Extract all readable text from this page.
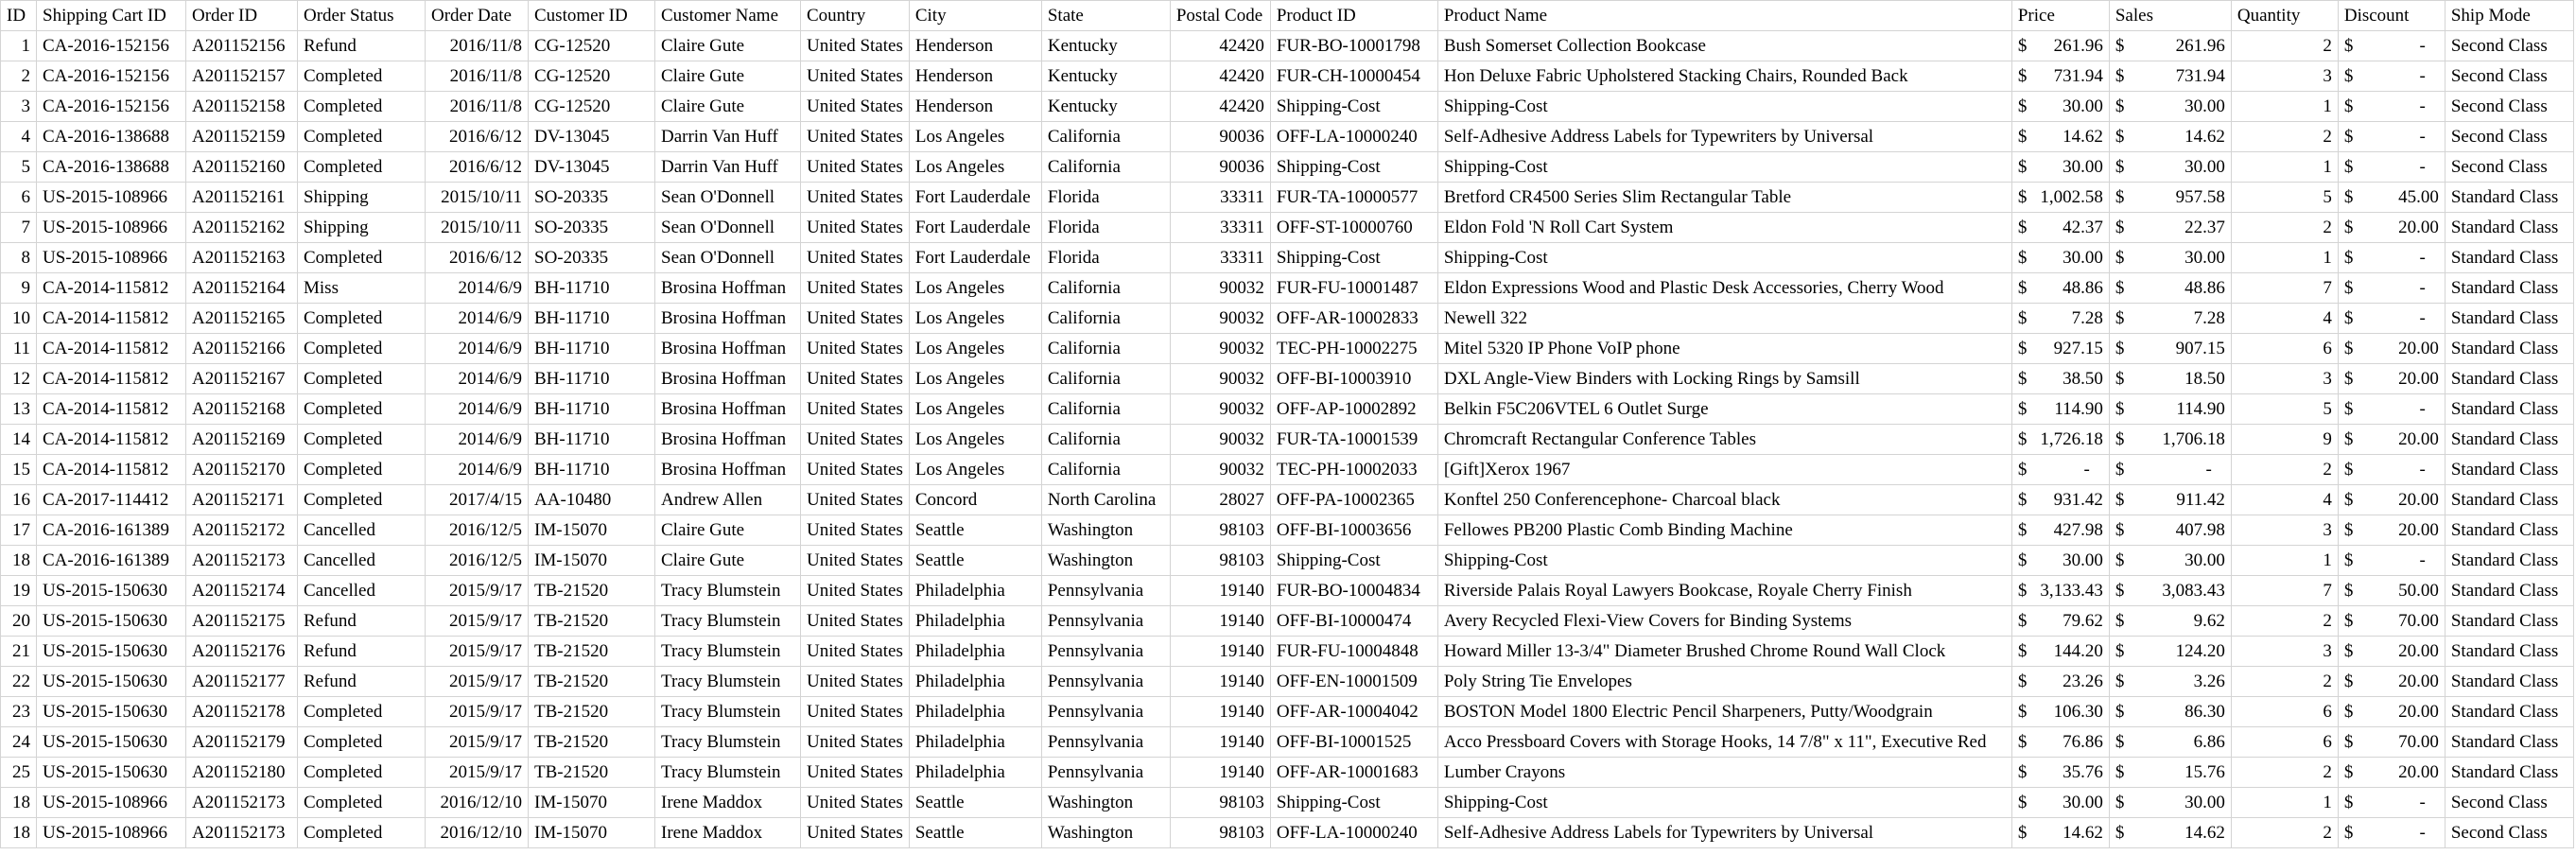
ID	Shipping Cart ID	Order ID	Order Status	Order Date	Customer ID	Customer Name	Country	City	State	Postal Code	Product ID	Product Name	Price	Sales	Quantity	Discount	Ship Mode
1	CA-2016-152156	A201152156	Refund	2016/11/8	CG-12520	Claire Gute	United States	Henderson	Kentucky	42420	FUR-BO-10001798	Bush Somerset Collection Bookcase	$ 261.96	$ 261.96	2	$ -	Second Class
2	CA-2016-152156	A201152157	Completed	2016/11/8	CG-12520	Claire Gute	United States	Henderson	Kentucky	42420	FUR-CH-10000454	Hon Deluxe Fabric Upholstered Stacking Chairs, Rounded Back	$ 731.94	$ 731.94	3	$ -	Second Class
3	CA-2016-152156	A201152158	Completed	2016/11/8	CG-12520	Claire Gute	United States	Henderson	Kentucky	42420	Shipping-Cost	Shipping-Cost	$ 30.00	$ 30.00	1	$ -	Second Class
4	CA-2016-138688	A201152159	Completed	2016/6/12	DV-13045	Darrin Van Huff	United States	Los Angeles	California	90036	OFF-LA-10000240	Self-Adhesive Address Labels for Typewriters by Universal	$ 14.62	$ 14.62	2	$ -	Second Class
5	CA-2016-138688	A201152160	Completed	2016/6/12	DV-13045	Darrin Van Huff	United States	Los Angeles	California	90036	Shipping-Cost	Shipping-Cost	$ 30.00	$ 30.00	1	$ -	Second Class
6	US-2015-108966	A201152161	Shipping	2015/10/11	SO-20335	Sean O'Donnell	United States	Fort Lauderdale	Florida	33311	FUR-TA-10000577	Bretford CR4500 Series Slim Rectangular Table	$ 1,002.58	$ 957.58	5	$ 45.00	Standard Class
7	US-2015-108966	A201152162	Shipping	2015/10/11	SO-20335	Sean O'Donnell	United States	Fort Lauderdale	Florida	33311	OFF-ST-10000760	Eldon Fold 'N Roll Cart System	$ 42.37	$ 22.37	2	$ 20.00	Standard Class
8	US-2015-108966	A201152163	Completed	2016/6/12	SO-20335	Sean O'Donnell	United States	Fort Lauderdale	Florida	33311	Shipping-Cost	Shipping-Cost	$ 30.00	$ 30.00	1	$ -	Standard Class
9	CA-2014-115812	A201152164	Miss	2014/6/9	BH-11710	Brosina Hoffman	United States	Los Angeles	California	90032	FUR-FU-10001487	Eldon Expressions Wood and Plastic Desk Accessories, Cherry Wood	$ 48.86	$ 48.86	7	$ -	Standard Class
10	CA-2014-115812	A201152165	Completed	2014/6/9	BH-11710	Brosina Hoffman	United States	Los Angeles	California	90032	OFF-AR-10002833	Newell 322	$ 7.28	$ 7.28	4	$ -	Standard Class
11	CA-2014-115812	A201152166	Completed	2014/6/9	BH-11710	Brosina Hoffman	United States	Los Angeles	California	90032	TEC-PH-10002275	Mitel 5320 IP Phone VoIP phone	$ 927.15	$ 907.15	6	$ 20.00	Standard Class
12	CA-2014-115812	A201152167	Completed	2014/6/9	BH-11710	Brosina Hoffman	United States	Los Angeles	California	90032	OFF-BI-10003910	DXL Angle-View Binders with Locking Rings by Samsill	$ 38.50	$ 18.50	3	$ 20.00	Standard Class
13	CA-2014-115812	A201152168	Completed	2014/6/9	BH-11710	Brosina Hoffman	United States	Los Angeles	California	90032	OFF-AP-10002892	Belkin F5C206VTEL 6 Outlet Surge	$ 114.90	$ 114.90	5	$ -	Standard Class
14	CA-2014-115812	A201152169	Completed	2014/6/9	BH-11710	Brosina Hoffman	United States	Los Angeles	California	90032	FUR-TA-10001539	Chromcraft Rectangular Conference Tables	$ 1,726.18	$ 1,706.18	9	$ 20.00	Standard Class
15	CA-2014-115812	A201152170	Completed	2014/6/9	BH-11710	Brosina Hoffman	United States	Los Angeles	California	90032	TEC-PH-10002033	[Gift]Xerox 1967	$ -	$ -	2	$ -	Standard Class
16	CA-2017-114412	A201152171	Completed	2017/4/15	AA-10480	Andrew Allen	United States	Concord	North Carolina	28027	OFF-PA-10002365	Konftel 250 Conferencephone- Charcoal black	$ 931.42	$ 911.42	4	$ 20.00	Standard Class
17	CA-2016-161389	A201152172	Cancelled	2016/12/5	IM-15070	Claire Gute	United States	Seattle	Washington	98103	OFF-BI-10003656	Fellowes PB200 Plastic Comb Binding Machine	$ 427.98	$ 407.98	3	$ 20.00	Standard Class
18	CA-2016-161389	A201152173	Cancelled	2016/12/5	IM-15070	Claire Gute	United States	Seattle	Washington	98103	Shipping-Cost	Shipping-Cost	$ 30.00	$ 30.00	1	$ -	Standard Class
19	US-2015-150630	A201152174	Cancelled	2015/9/17	TB-21520	Tracy Blumstein	United States	Philadelphia	Pennsylvania	19140	FUR-BO-10004834	Riverside Palais Royal Lawyers Bookcase, Royale Cherry Finish	$ 3,133.43	$ 3,083.43	7	$ 50.00	Standard Class
20	US-2015-150630	A201152175	Refund	2015/9/17	TB-21520	Tracy Blumstein	United States	Philadelphia	Pennsylvania	19140	OFF-BI-10000474	Avery Recycled Flexi-View Covers for Binding Systems	$ 79.62	$ 9.62	2	$ 70.00	Standard Class
21	US-2015-150630	A201152176	Refund	2015/9/17	TB-21520	Tracy Blumstein	United States	Philadelphia	Pennsylvania	19140	FUR-FU-10004848	Howard Miller 13-3/4" Diameter Brushed Chrome Round Wall Clock	$ 144.20	$ 124.20	3	$ 20.00	Standard Class
22	US-2015-150630	A201152177	Refund	2015/9/17	TB-21520	Tracy Blumstein	United States	Philadelphia	Pennsylvania	19140	OFF-EN-10001509	Poly String Tie Envelopes	$ 23.26	$ 3.26	2	$ 20.00	Standard Class
23	US-2015-150630	A201152178	Completed	2015/9/17	TB-21520	Tracy Blumstein	United States	Philadelphia	Pennsylvania	19140	OFF-AR-10004042	BOSTON Model 1800 Electric Pencil Sharpeners, Putty/Woodgrain	$ 106.30	$ 86.30	6	$ 20.00	Standard Class
24	US-2015-150630	A201152179	Completed	2015/9/17	TB-21520	Tracy Blumstein	United States	Philadelphia	Pennsylvania	19140	OFF-BI-10001525	Acco Pressboard Covers with Storage Hooks, 14 7/8" x 11", Executive Red	$ 76.86	$ 6.86	6	$ 70.00	Standard Class
25	US-2015-150630	A201152180	Completed	2015/9/17	TB-21520	Tracy Blumstein	United States	Philadelphia	Pennsylvania	19140	OFF-AR-10001683	Lumber Crayons	$ 35.76	$ 15.76	2	$ 20.00	Standard Class
18	US-2015-108966	A201152173	Completed	2016/12/10	IM-15070	Irene Maddox	United States	Seattle	Washington	98103	Shipping-Cost	Shipping-Cost	$ 30.00	$ 30.00	1	$ -	Second Class
18	US-2015-108966	A201152173	Completed	2016/12/10	IM-15070	Irene Maddox	United States	Seattle	Washington	98103	OFF-LA-10000240	Self-Adhesive Address Labels for Typewriters by Universal	$ 14.62	$ 14.62	2	$ -	Second Class
